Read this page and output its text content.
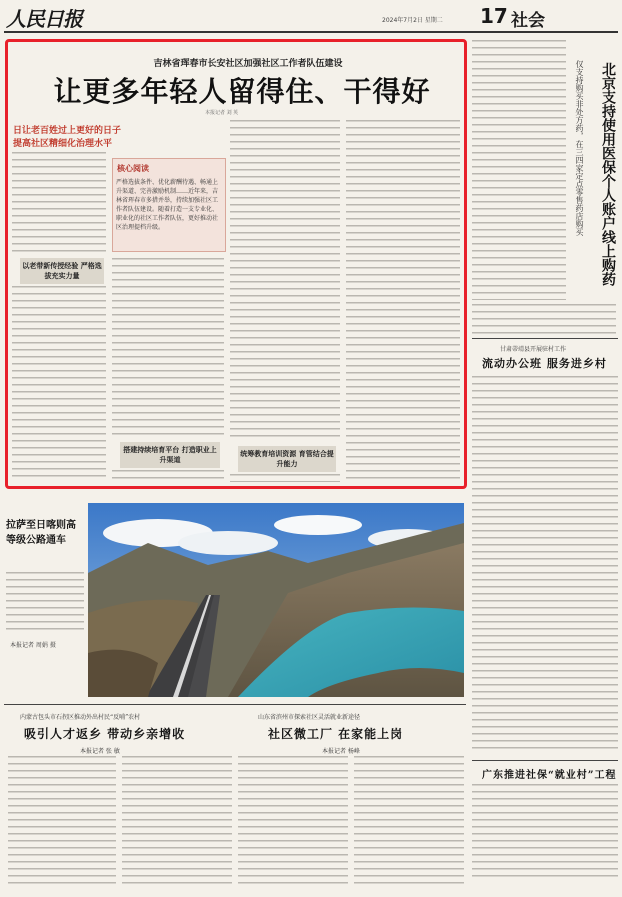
人民日报	2024年7月2日 星期二 17 社会
吉林省珲春市长安社区加强社区工作者队伍建设
让更多年轻人留得住、干得好
本报记者 刘 英
日让老百姓过上更好的日子
提高社区精细化治理水平
以老带新传授经验 严格选拔充实力量
核心阅读
严格选拔条件、优化薪酬待遇、畅通上升渠道、完善激励机制……近年来，吉林省珲春市多措并举，持续加强社区工作者队伍建设。随着打造一支专业化、职业化的社区工作者队伍，更好推动社区治理提档升级。
搭建持续培育平台 打造职业上升渠道
统筹教育培训资源 育管结合提升能力
仅支持购买非处方药，在三四家定点零售药店购买	北京支持使用医保个人账户线上购药
甘肃蒂靖县开展驻村工作
流动办公班 服务进乡村
广东推进社保“就业村”工程
拉萨至日喀则高等级公路通车
本报记者 周娟 摄
内蒙古包头市石拐区推动外出村民“反哺”农村
吸引人才返乡 带动乡亲增收
本报记者 张 敏
山东省滨州市探索社区灵活就业新途径
社区微工厂 在家能上岗
本报记者 杨峰
